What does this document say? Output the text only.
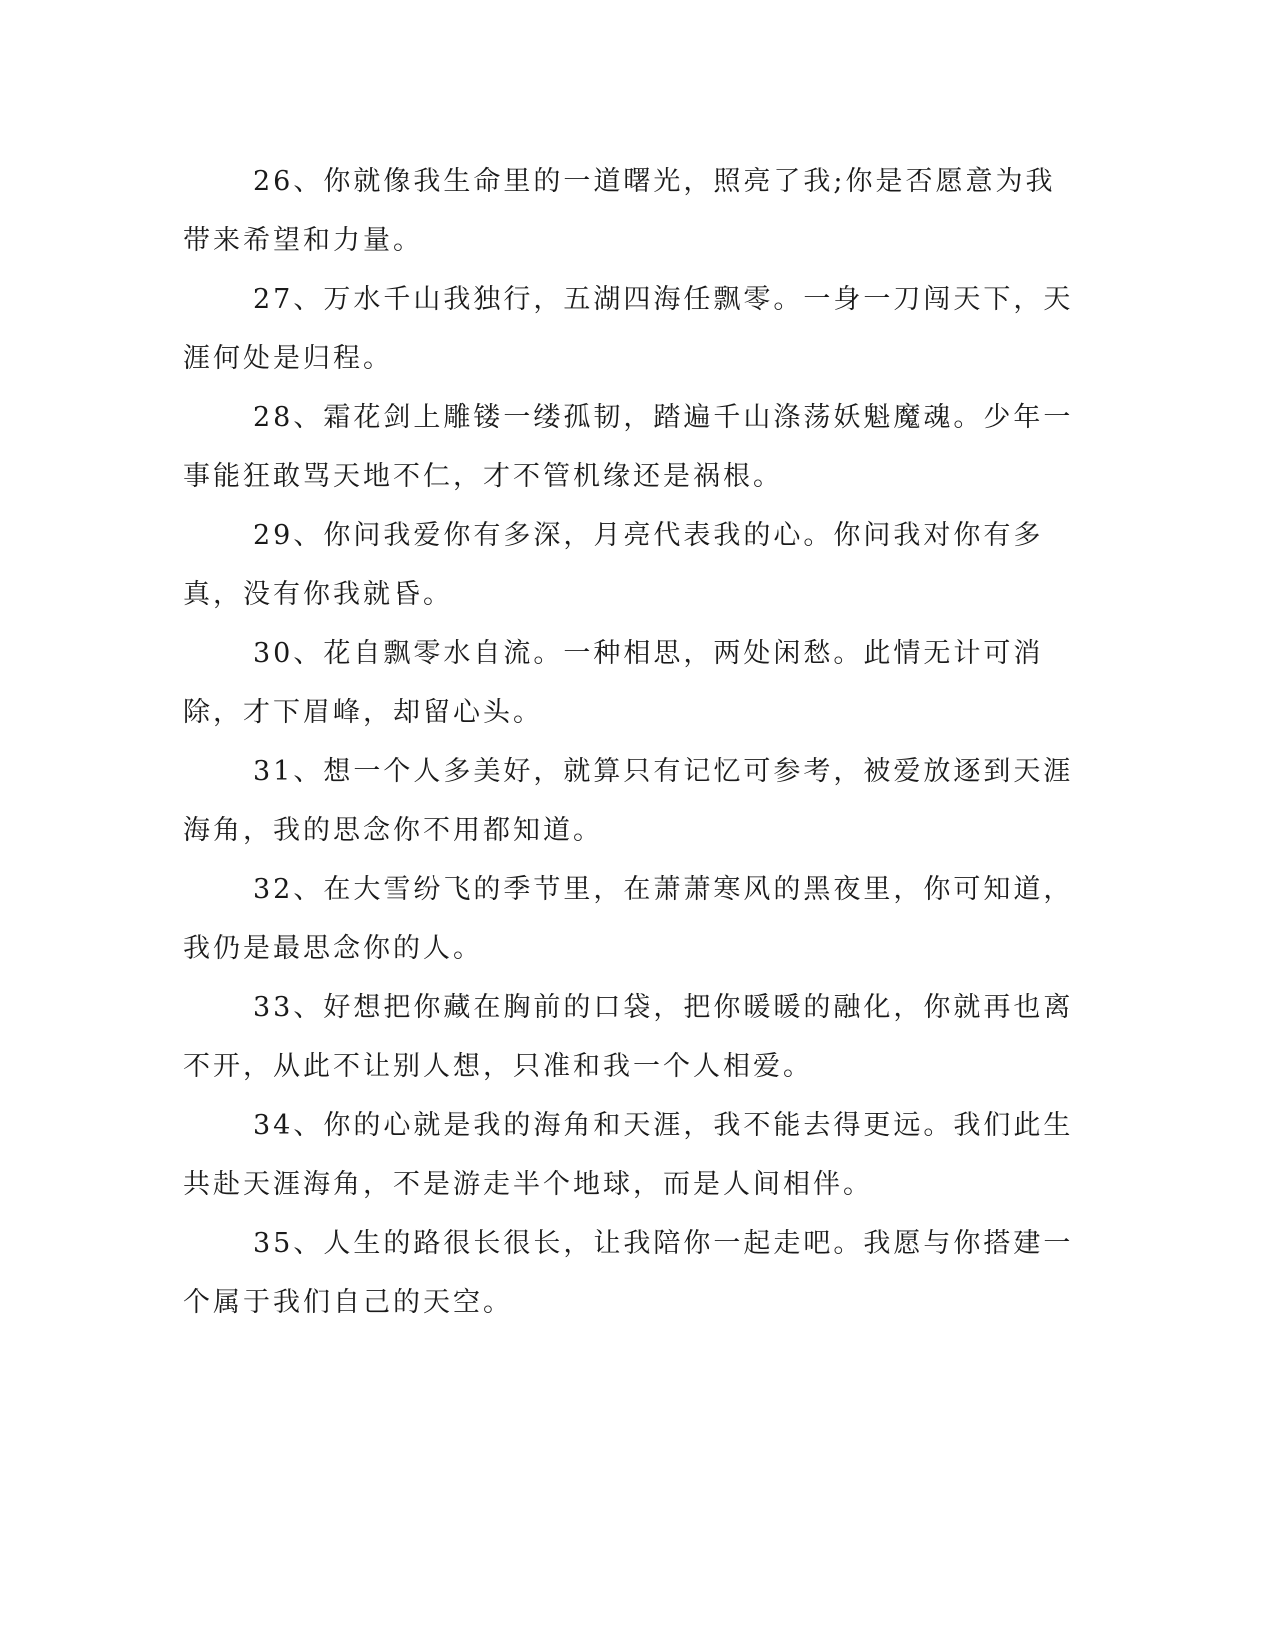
26、你就像我生命里的一道曙光，照亮了我;你是否愿意为我带来希望和力量。

27、万水千山我独行，五湖四海任飘零。一身一刀闯天下，天涯何处是归程。

28、霜花剑上雕镂一缕孤韧，踏遍千山涤荡妖魁魔魂。少年一事能狂敢骂天地不仁，才不管机缘还是祸根。

29、你问我爱你有多深，月亮代表我的心。你问我对你有多真，没有你我就昏。

30、花自飘零水自流。一种相思，两处闲愁。此情无计可消除，才下眉峰，却留心头。

31、想一个人多美好，就算只有记忆可参考，被爱放逐到天涯海角，我的思念你不用都知道。

32、在大雪纷飞的季节里，在萧萧寒风的黑夜里，你可知道，我仍是最思念你的人。

33、好想把你藏在胸前的口袋，把你暖暖的融化，你就再也离不开，从此不让别人想，只准和我一个人相爱。

34、你的心就是我的海角和天涯，我不能去得更远。我们此生共赴天涯海角，不是游走半个地球，而是人间相伴。

35、人生的路很长很长，让我陪你一起走吧。我愿与你搭建一个属于我们自己的天空。
